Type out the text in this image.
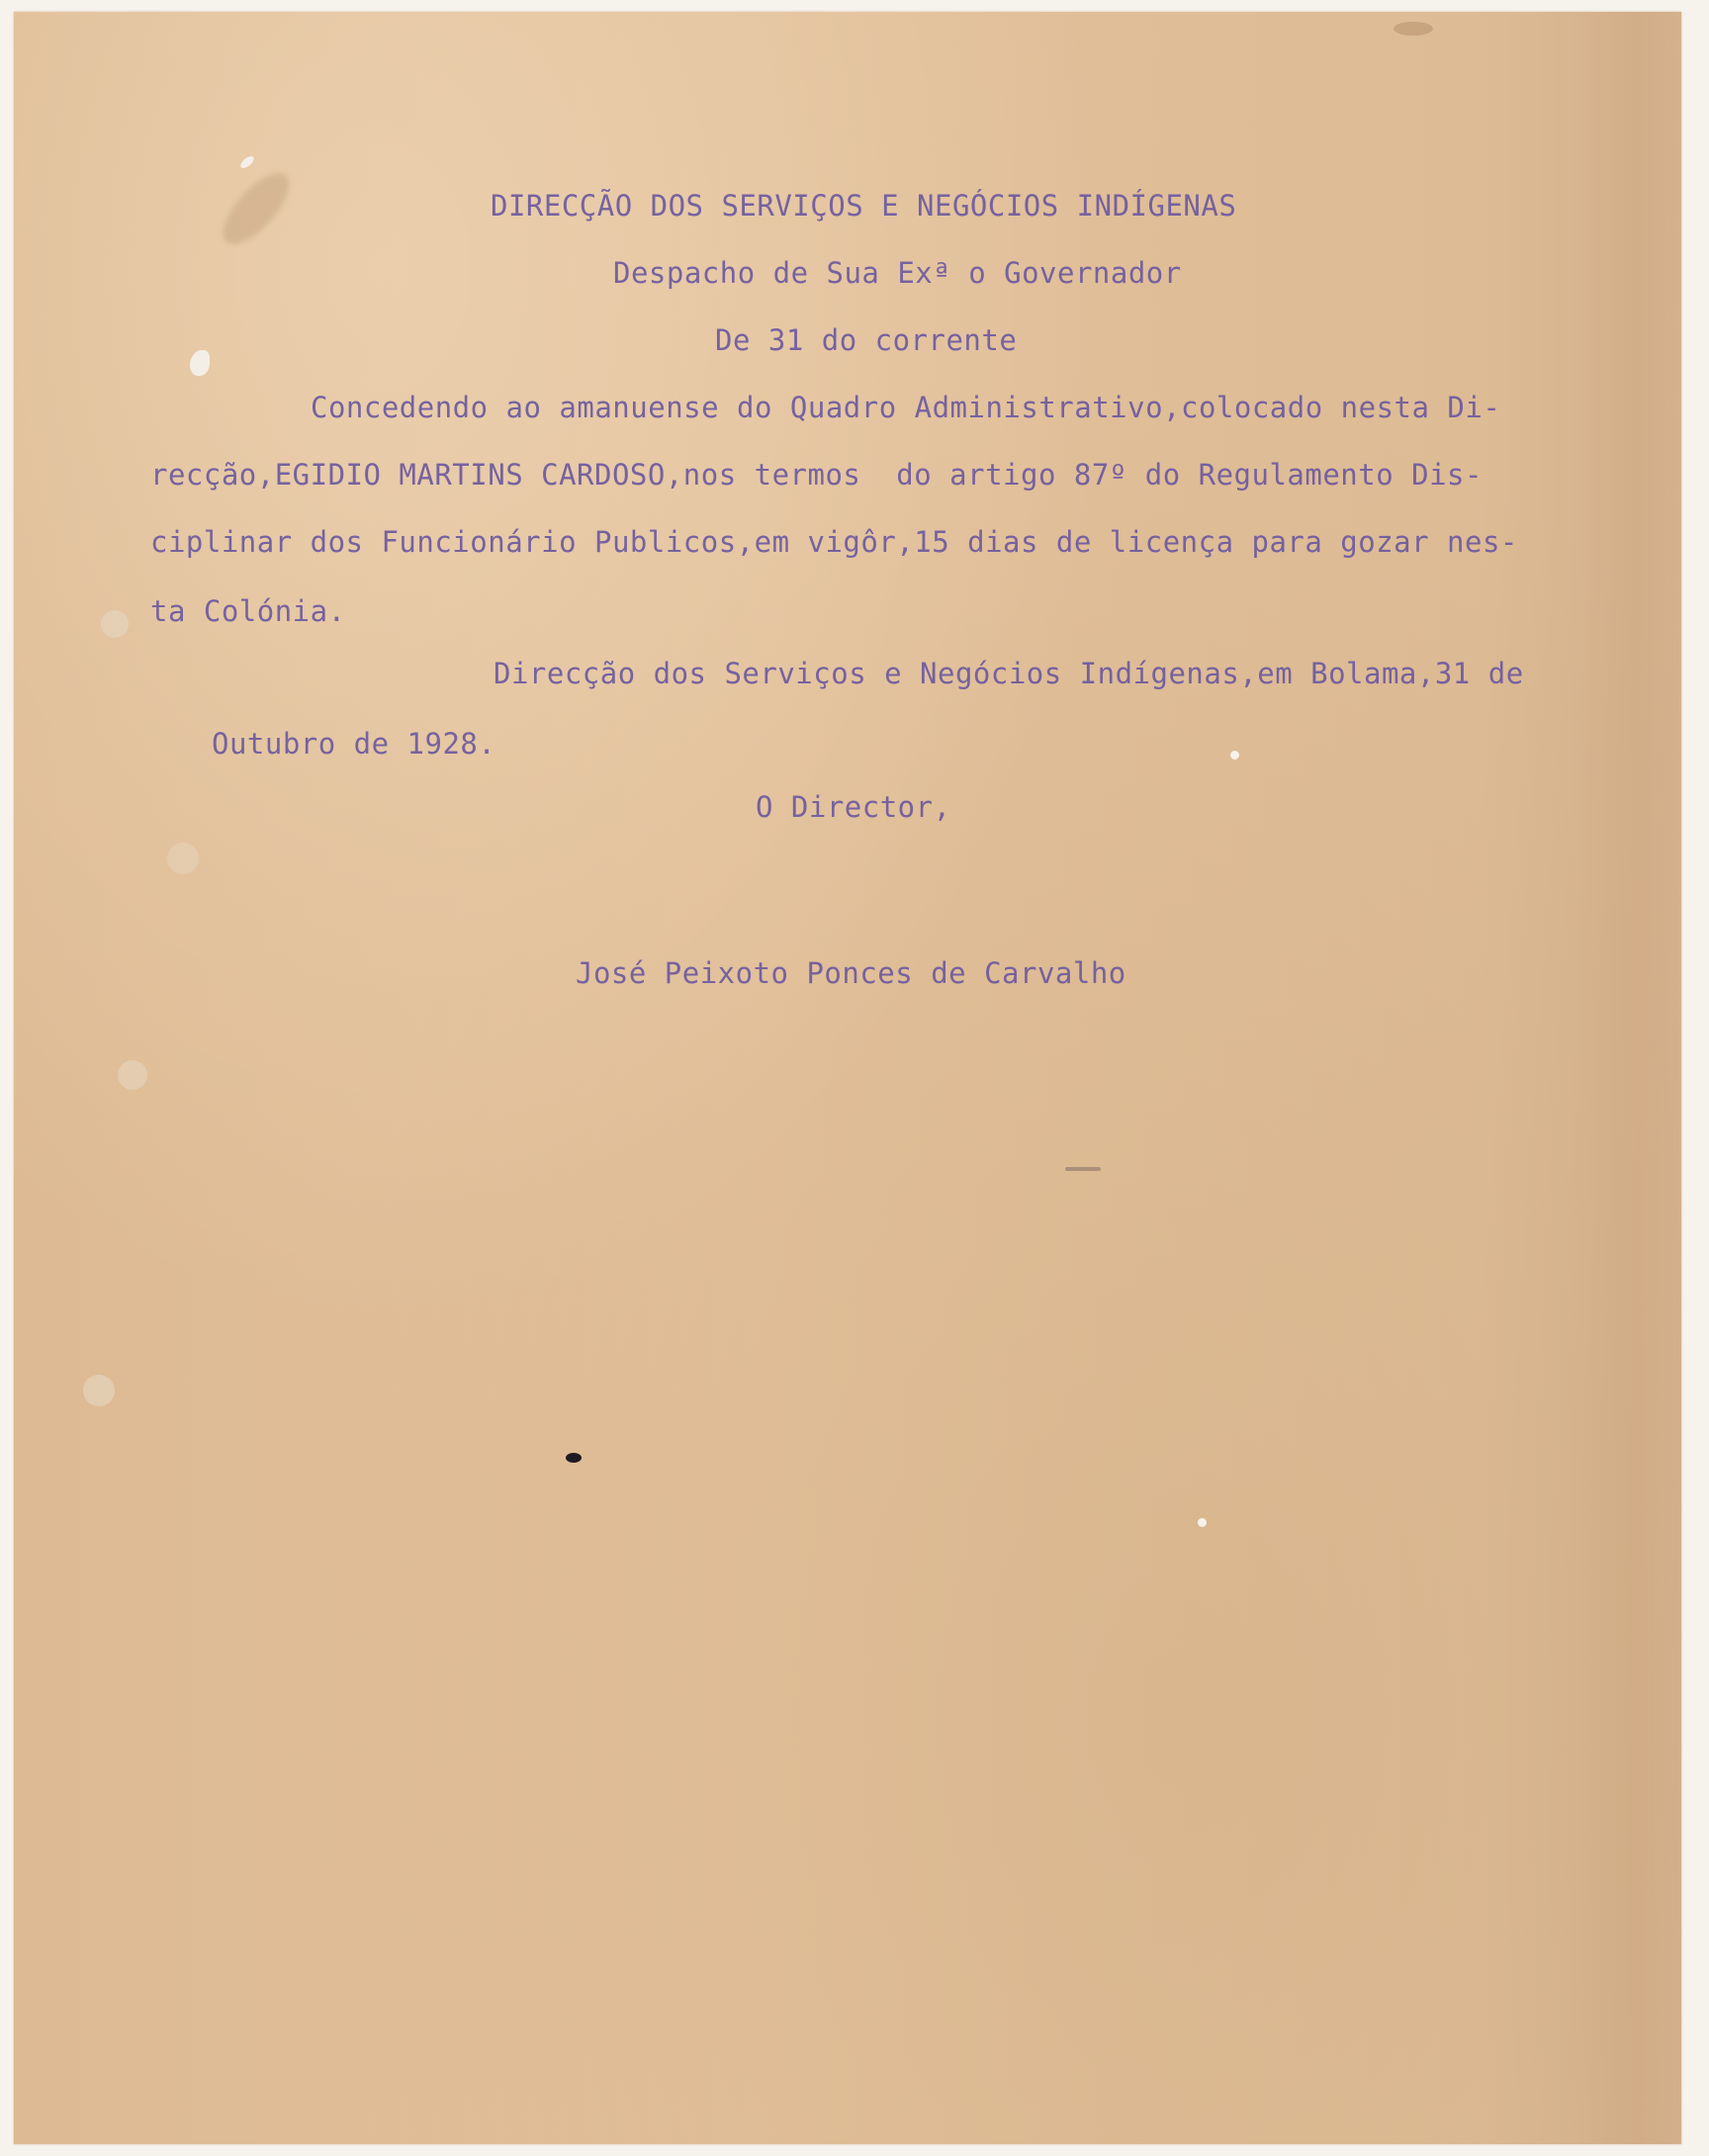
DIRECÇÃO DOS SERVIÇOS E NEGÓCIOS INDÍGENAS
Despacho de Sua Exª o Governador
De 31 do corrente
Concedendo ao amanuense do Quadro Administrativo,colocado nesta Di-
recção,EGIDIO MARTINS CARDOSO,nos termos  do artigo 87º do Regulamento Dis-
ciplinar dos Funcionário Publicos,em vigôr,15 dias de licença para gozar nes-
ta Colónia.
Direcção dos Serviços e Negócios Indígenas,em Bolama,31 de
Outubro de 1928.
O Director,
José Peixoto Ponces de Carvalho
